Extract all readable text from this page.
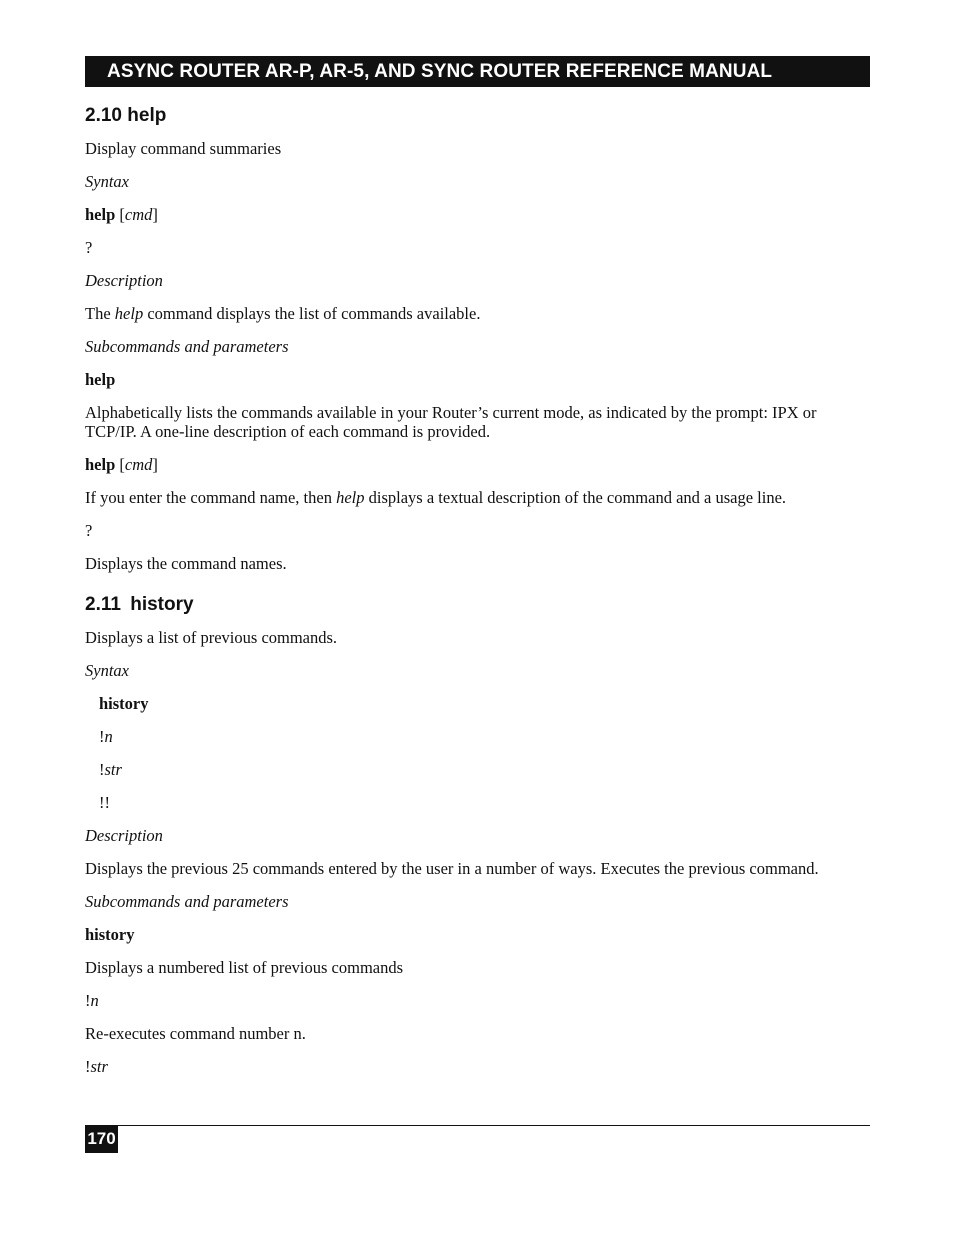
ASYNC ROUTER AR-P, AR-5, AND SYNC ROUTER REFERENCE MANUAL
2.10 help

Display command summaries

Syntax

help [cmd]

?

Description

The help command displays the list of commands available.

Subcommands and parameters

help

Alphabetically lists the commands available in your Router’s current mode, as indicated by the prompt: IPX or TCP/IP. A one-line description of each command is provided.

help [cmd]

If you enter the command name, then help displays a textual description of the command and a usage line.

?

Displays the command names.

2.11 history

Displays a list of previous commands.

Syntax

history

!n

!str

!!

Description

Displays the previous 25 commands entered by the user in a number of ways. Executes the previous command.

Subcommands and parameters

history

Displays a numbered list of previous commands

!n

Re-executes command number n.

!str

170
